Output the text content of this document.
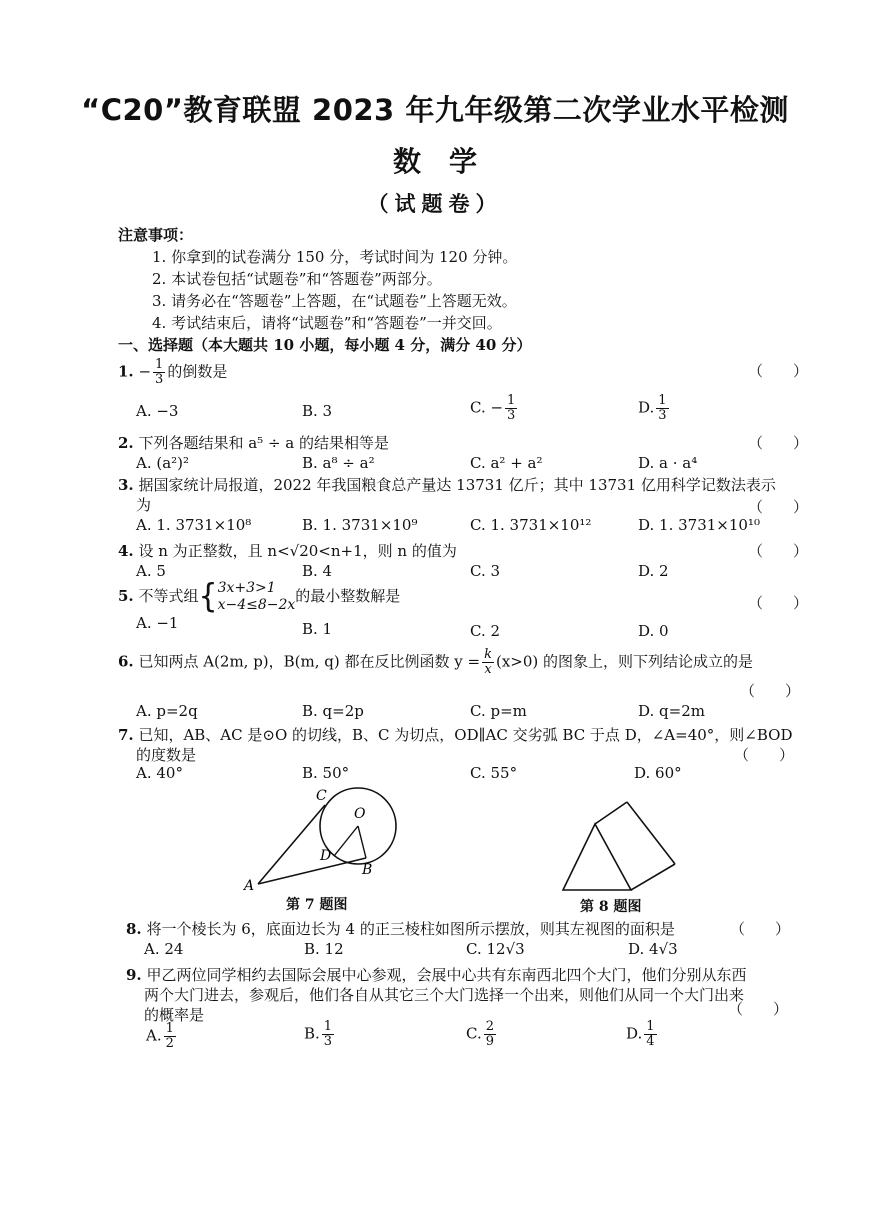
“C20”教育联盟 2023 年九年级第二次学业水平检测
数学
（试题卷）
注意事项：
1. 你拿到的试卷满分 150 分，考试时间为 120 分钟。
2. 本试卷包括“试题卷”和“答题卷”两部分。
3. 请务必在“答题卷”上答题，在“试题卷”上答题无效。
4. 考试结束后，请将“试题卷”和“答题卷”一并交回。
一、选择题（本大题共 10 小题，每小题 4 分，满分 40 分）
1. − $\frac{1}{3}$ 的倒数是	（　　）
A. −3	B. 3	C. − $\frac{1}{3}$	D. $\frac{1}{3}$
2. 下列各题结果和 a⁵ ÷ a 的结果相等是	（　　）
A. (a²)²	B. a⁸ ÷ a²	C. a² + a²	D. a · a⁴
3. 据国家统计局报道，2022 年我国粮食总产量达 13731 亿斤；其中 13731 亿用科学记数法表示
为	（　　）
A. 1. 3731×10⁸	B. 1. 3731×10⁹	C. 1. 3731×10¹²	D. 1. 3731×10¹⁰
4. 设 n 为正整数，且 n<√20<n+1，则 n 的值为	（　　）
A. 5	B. 4	C. 3	D. 2
5. 不等式组{ 3x+3>1
x−4≤8−2x 的最小整数解是	（　　）
A. −1	B. 1	C. 2	D. 0
6. 已知两点 A(2m, p)，B(m, q) 都在反比例函数 $y = \frac{k}{x} (x>0)$ 的图象上，则下列结论成立的是
（　　）
A. p=2q	B. q=2p	C. p=m	D. q=2m
7. 已知，AB、AC 是⊙O 的切线，B、C 为切点，OD∥AC 交劣弧 BC 于点 D，∠A=40°，则∠BOD
的度数是	（　　）
A. 40°	B. 50°	C. 55°	D. 60°
C
O
D
B
A
第 7 题图	第 8 题图
8. 将一个棱长为 6，底面边长为 4 的正三棱柱如图所示摆放，则其左视图的面积是	（　　）
A. 24	B. 12	C. 12√3	D. 4√3
9. 甲乙两位同学相约去国际会展中心参观，会展中心共有东南西北四个大门，他们分别从东西
两个大门进去，参观后，他们各自从其它三个大门选择一个出来，则他们从同一个大门出来
的概率是	（　　）
A. $\frac{1}{2}$	B. $\frac{1}{3}$	C. $\frac{2}{9}$	D. $\frac{1}{4}$
